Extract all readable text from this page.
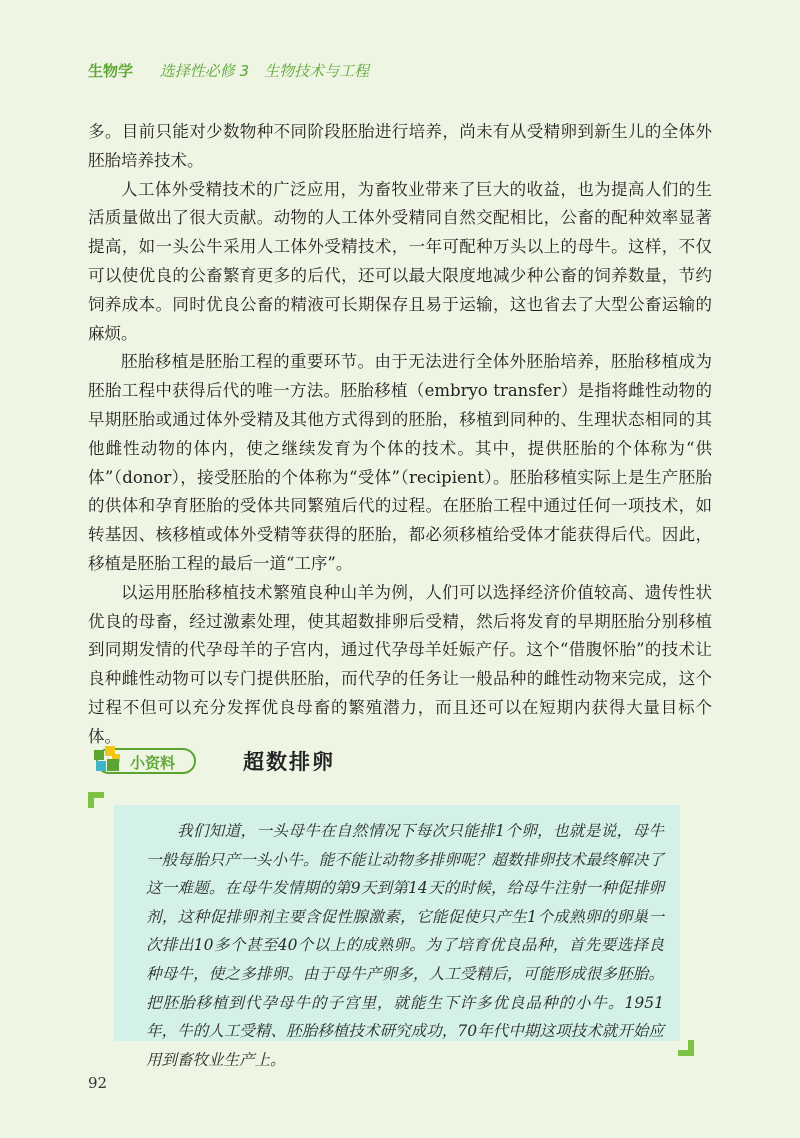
生物学 选择性必修 3　生物技术与工程

多。目前只能对少数物种不同阶段胚胎进行培养，尚未有从受精卵到新生儿的全体外胚胎培养技术。

人工体外受精技术的广泛应用，为畜牧业带来了巨大的收益，也为提高人们的生活质量做出了很大贡献。动物的人工体外受精同自然交配相比，公畜的配种效率显著提高，如一头公牛采用人工体外受精技术，一年可配种万头以上的母牛。这样，不仅可以使优良的公畜繁育更多的后代，还可以最大限度地减少种公畜的饲养数量，节约饲养成本。同时优良公畜的精液可长期保存且易于运输，这也省去了大型公畜运输的麻烦。

胚胎移植是胚胎工程的重要环节。由于无法进行全体外胚胎培养，胚胎移植成为胚胎工程中获得后代的唯一方法。胚胎移植（embryo transfer）是指将雌性动物的早期胚胎或通过体外受精及其他方式得到的胚胎，移植到同种的、生理状态相同的其他雌性动物的体内，使之继续发育为个体的技术。其中，提供胚胎的个体称为“供体”（donor），接受胚胎的个体称为“受体”（recipient）。胚胎移植实际上是生产胚胎的供体和孕育胚胎的受体共同繁殖后代的过程。在胚胎工程中通过任何一项技术，如转基因、核移植或体外受精等获得的胚胎，都必须移植给受体才能获得后代。因此，移植是胚胎工程的最后一道“工序”。

以运用胚胎移植技术繁殖良种山羊为例，人们可以选择经济价值较高、遗传性状优良的母畜，经过激素处理，使其超数排卵后受精，然后将发育的早期胚胎分别移植到同期发情的代孕母羊的子宫内，通过代孕母羊妊娠产仔。这个“借腹怀胎”的技术让良种雌性动物可以专门提供胚胎，而代孕的任务让一般品种的雌性动物来完成，这个过程不但可以充分发挥优良母畜的繁殖潜力，而且还可以在短期内获得大量目标个体。

小资料	超数排卵

我们知道，一头母牛在自然情况下每次只能排1个卵，也就是说，母牛一般每胎只产一头小牛。能不能让动物多排卵呢？超数排卵技术最终解决了这一难题。在母牛发情期的第9天到第14天的时候，给母牛注射一种促排卵剂，这种促排卵剂主要含促性腺激素，它能促使只产生1个成熟卵的卵巢一次排出10多个甚至40个以上的成熟卵。为了培育优良品种，首先要选择良种母牛，使之多排卵。由于母牛产卵多，人工受精后，可能形成很多胚胎。把胚胎移植到代孕母牛的子宫里，就能生下许多优良品种的小牛。1951年，牛的人工受精、胚胎移植技术研究成功，70年代中期这项技术就开始应用到畜牧业生产上。

92
